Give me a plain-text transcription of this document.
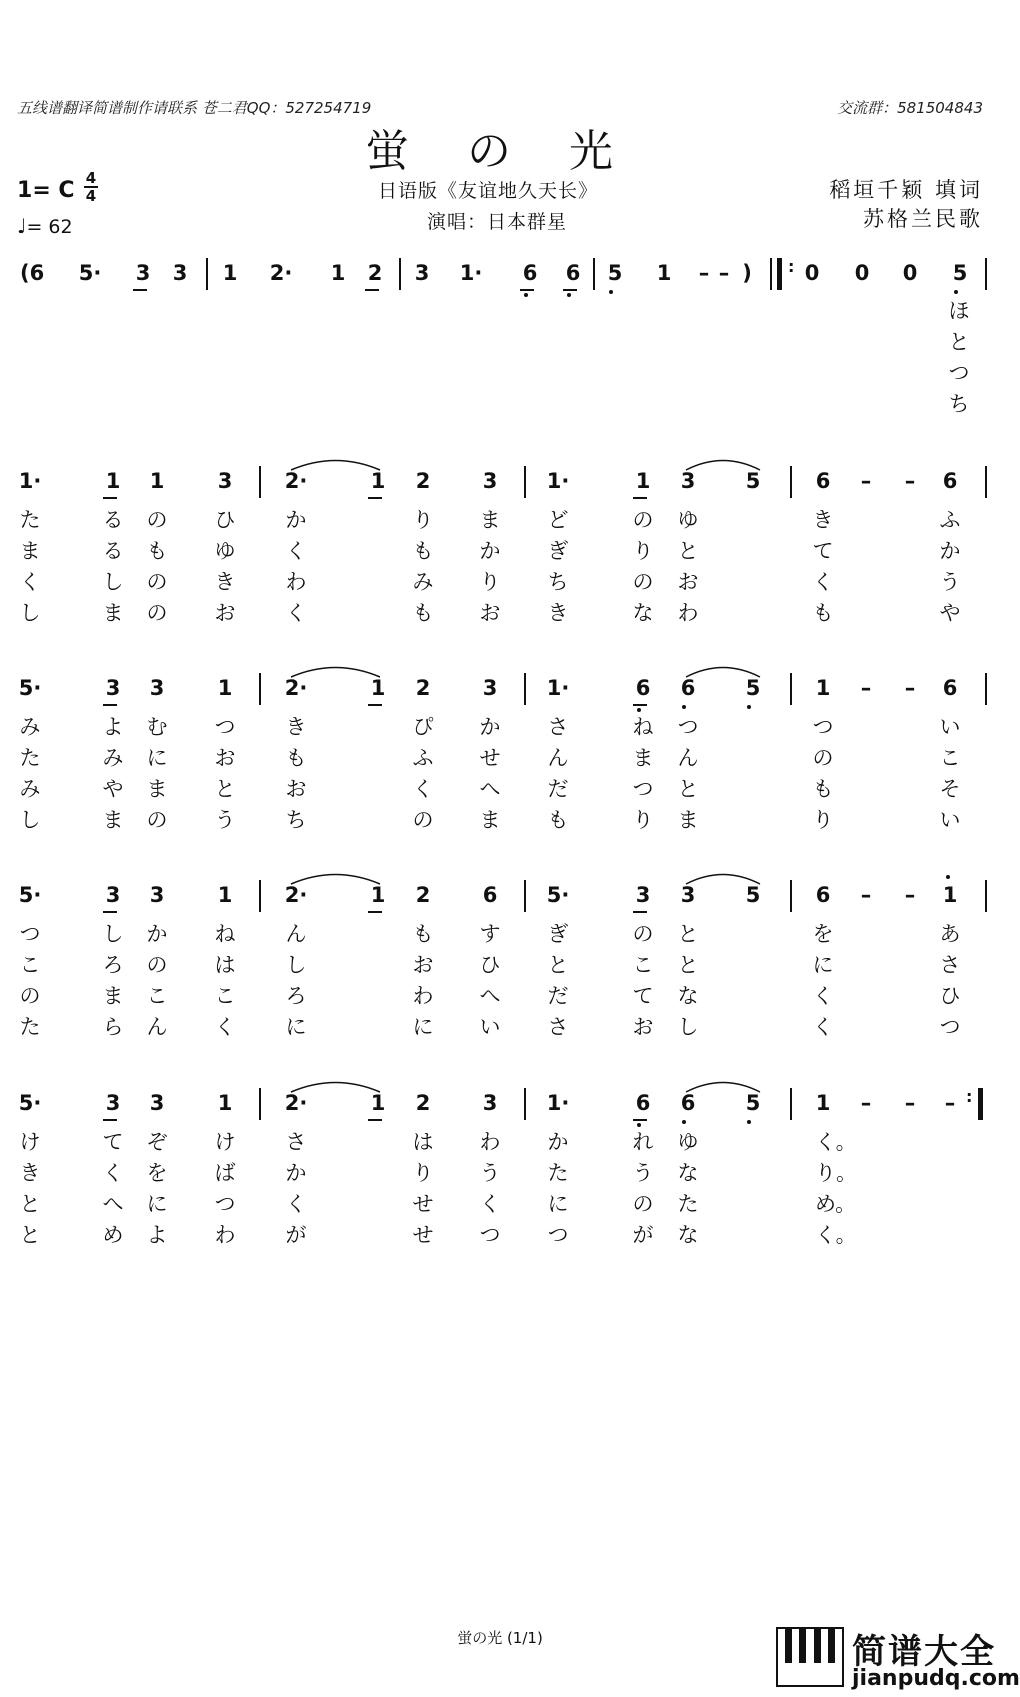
五线谱翻译简谱制作请联系 苍二君QQ：527254719	交流群：581504843
蛍 の 光
1= C 4
4
♩= 62
日语版《友谊地久天长》
演唱：日本群星
稻垣千颖 填词
苏格兰民歌
(6 5· 3 3 1 2· 1 2 3 1· 6 6 5 1	– – )	0 0 0 5
:
ほ
と
つ
ち
1·	1 1	3 2·	1 2 3 1·	1 3 5	6	–	–	6
た	る の ひ か	り ま ど	の ゆ	き	ふ
ま	る も ゆ く	も か ぎ	り と	て	か
く	し の き わ	み り ち	の お	く	う
し	ま の お く	も お き	な わ	も	や
5·	3 3	1 2·	1 2 3 1·	6 6 5	1	–	–	6
み	よ む つ き	ぴ か さ	ね つ	つ	い
た	み に お も	ふ せ ん	ま ん	の	こ
み	や ま と お	く へ だ	つ と	も	そ
し	ま の う ち	の ま も	り ま	り	い
5·	3 3	1 2·	1 2 6 5·	3 3 5	6	–	–	1
つ	し か ね ん	も す ぎ	の と	を	あ
こ	ろ の は し	お ひ と	こ と	に	さ
の	ま こ こ ろ	わ へ だ	て な	く	ひ
た	ら ん く に	に い さ	お し	く	つ
5·	3 3	1 2·	1 2 3 1·	6 6 5	1	–	–	– :
け	て ぞ け さ	は わ か	れ ゆ	く。
き	く を ば か	り う た	う な	り。
と	へ に つ く	せ く に	の た	め。
と	め よ わ が	せ つ つ	が な	く。
蛍の光 (1/1)	简谱大全
jianpudq.com
